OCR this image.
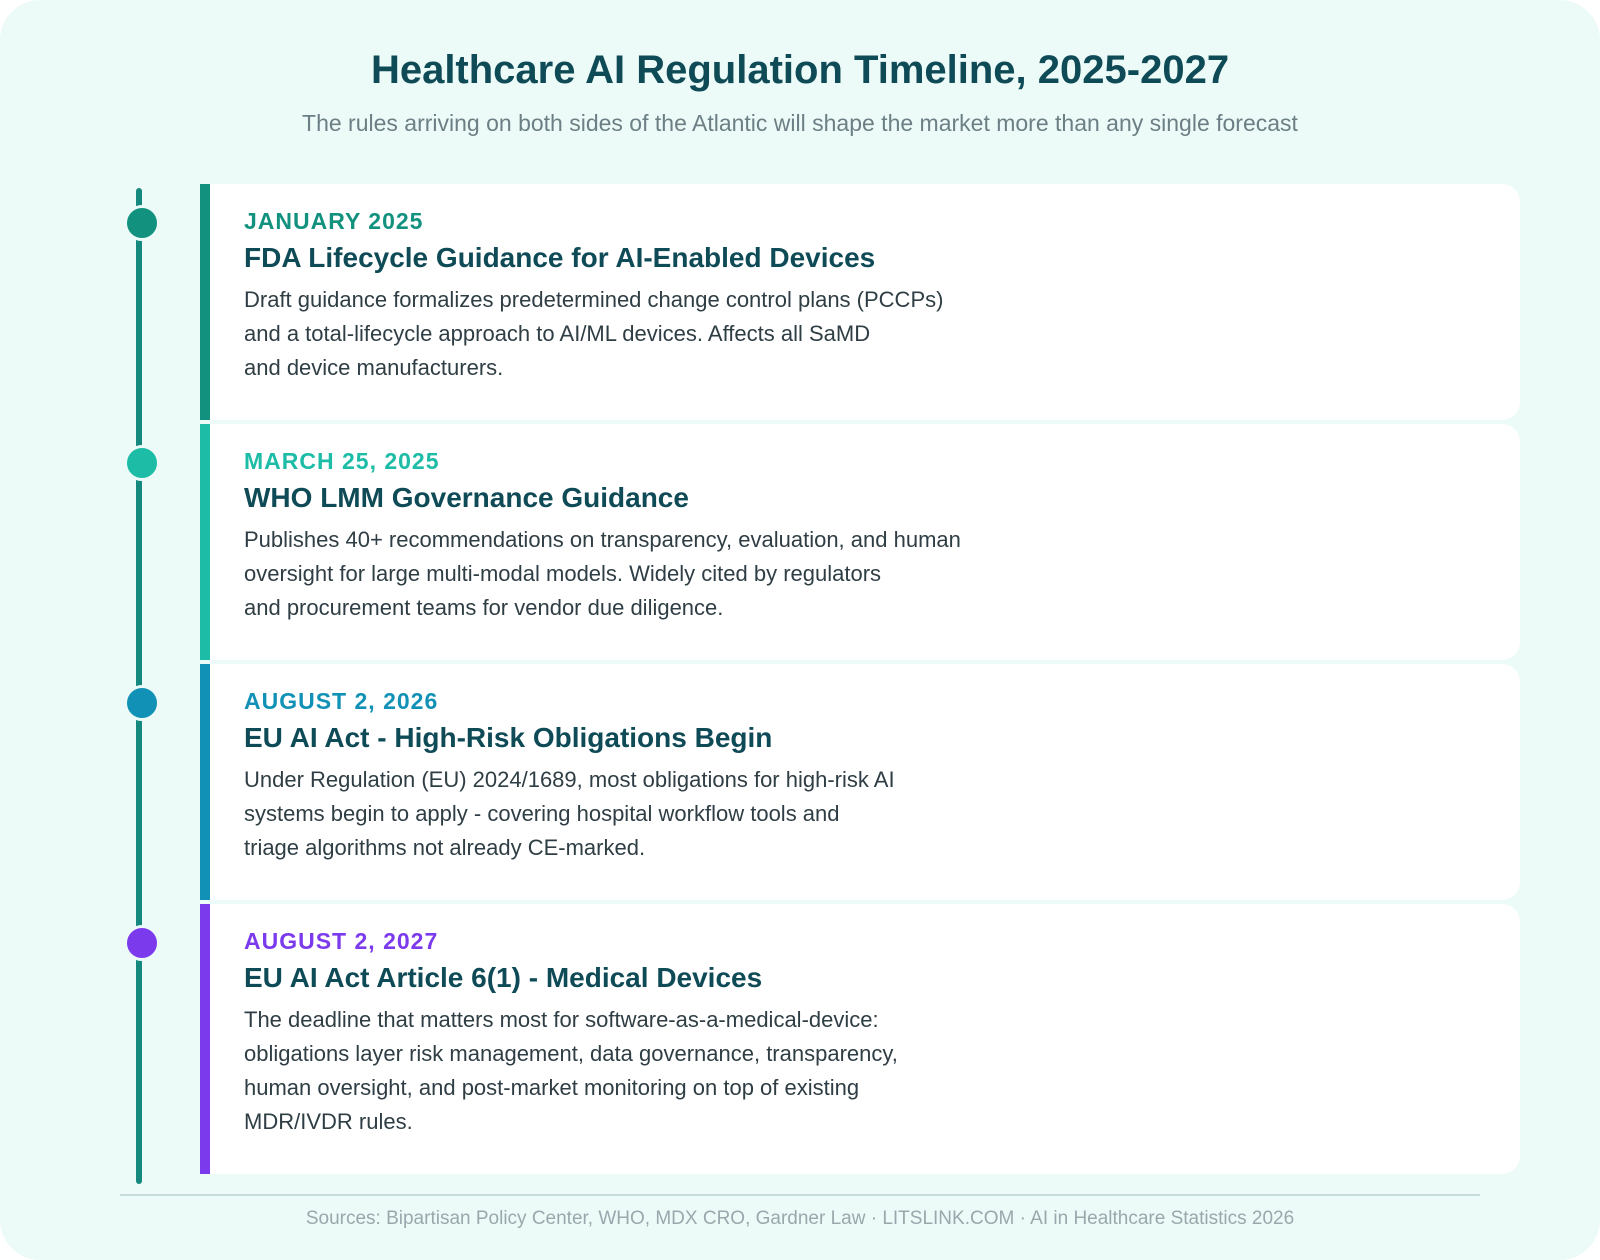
Healthcare AI Regulation Timeline, 2025-2027

The rules arriving on both sides of the Atlantic will shape the market more than any single forecast

JANUARY 2025
FDA Lifecycle Guidance for AI-Enabled Devices
Draft guidance formalizes predetermined change control plans (PCCPs)
and a total-lifecycle approach to AI/ML devices. Affects all SaMD
and device manufacturers.
MARCH 25, 2025
WHO LMM Governance Guidance
Publishes 40+ recommendations on transparency, evaluation, and human
oversight for large multi-modal models. Widely cited by regulators
and procurement teams for vendor due diligence.
AUGUST 2, 2026
EU AI Act - High-Risk Obligations Begin
Under Regulation (EU) 2024/1689, most obligations for high-risk AI
systems begin to apply - covering hospital workflow tools and
triage algorithms not already CE-marked.
AUGUST 2, 2027
EU AI Act Article 6(1) - Medical Devices
The deadline that matters most for software-as-a-medical-device:
obligations layer risk management, data governance, transparency,
human oversight, and post-market monitoring on top of existing
MDR/IVDR rules.
Sources: Bipartisan Policy Center, WHO, MDX CRO, Gardner Law · LITSLINK.COM · AI in Healthcare Statistics 2026
